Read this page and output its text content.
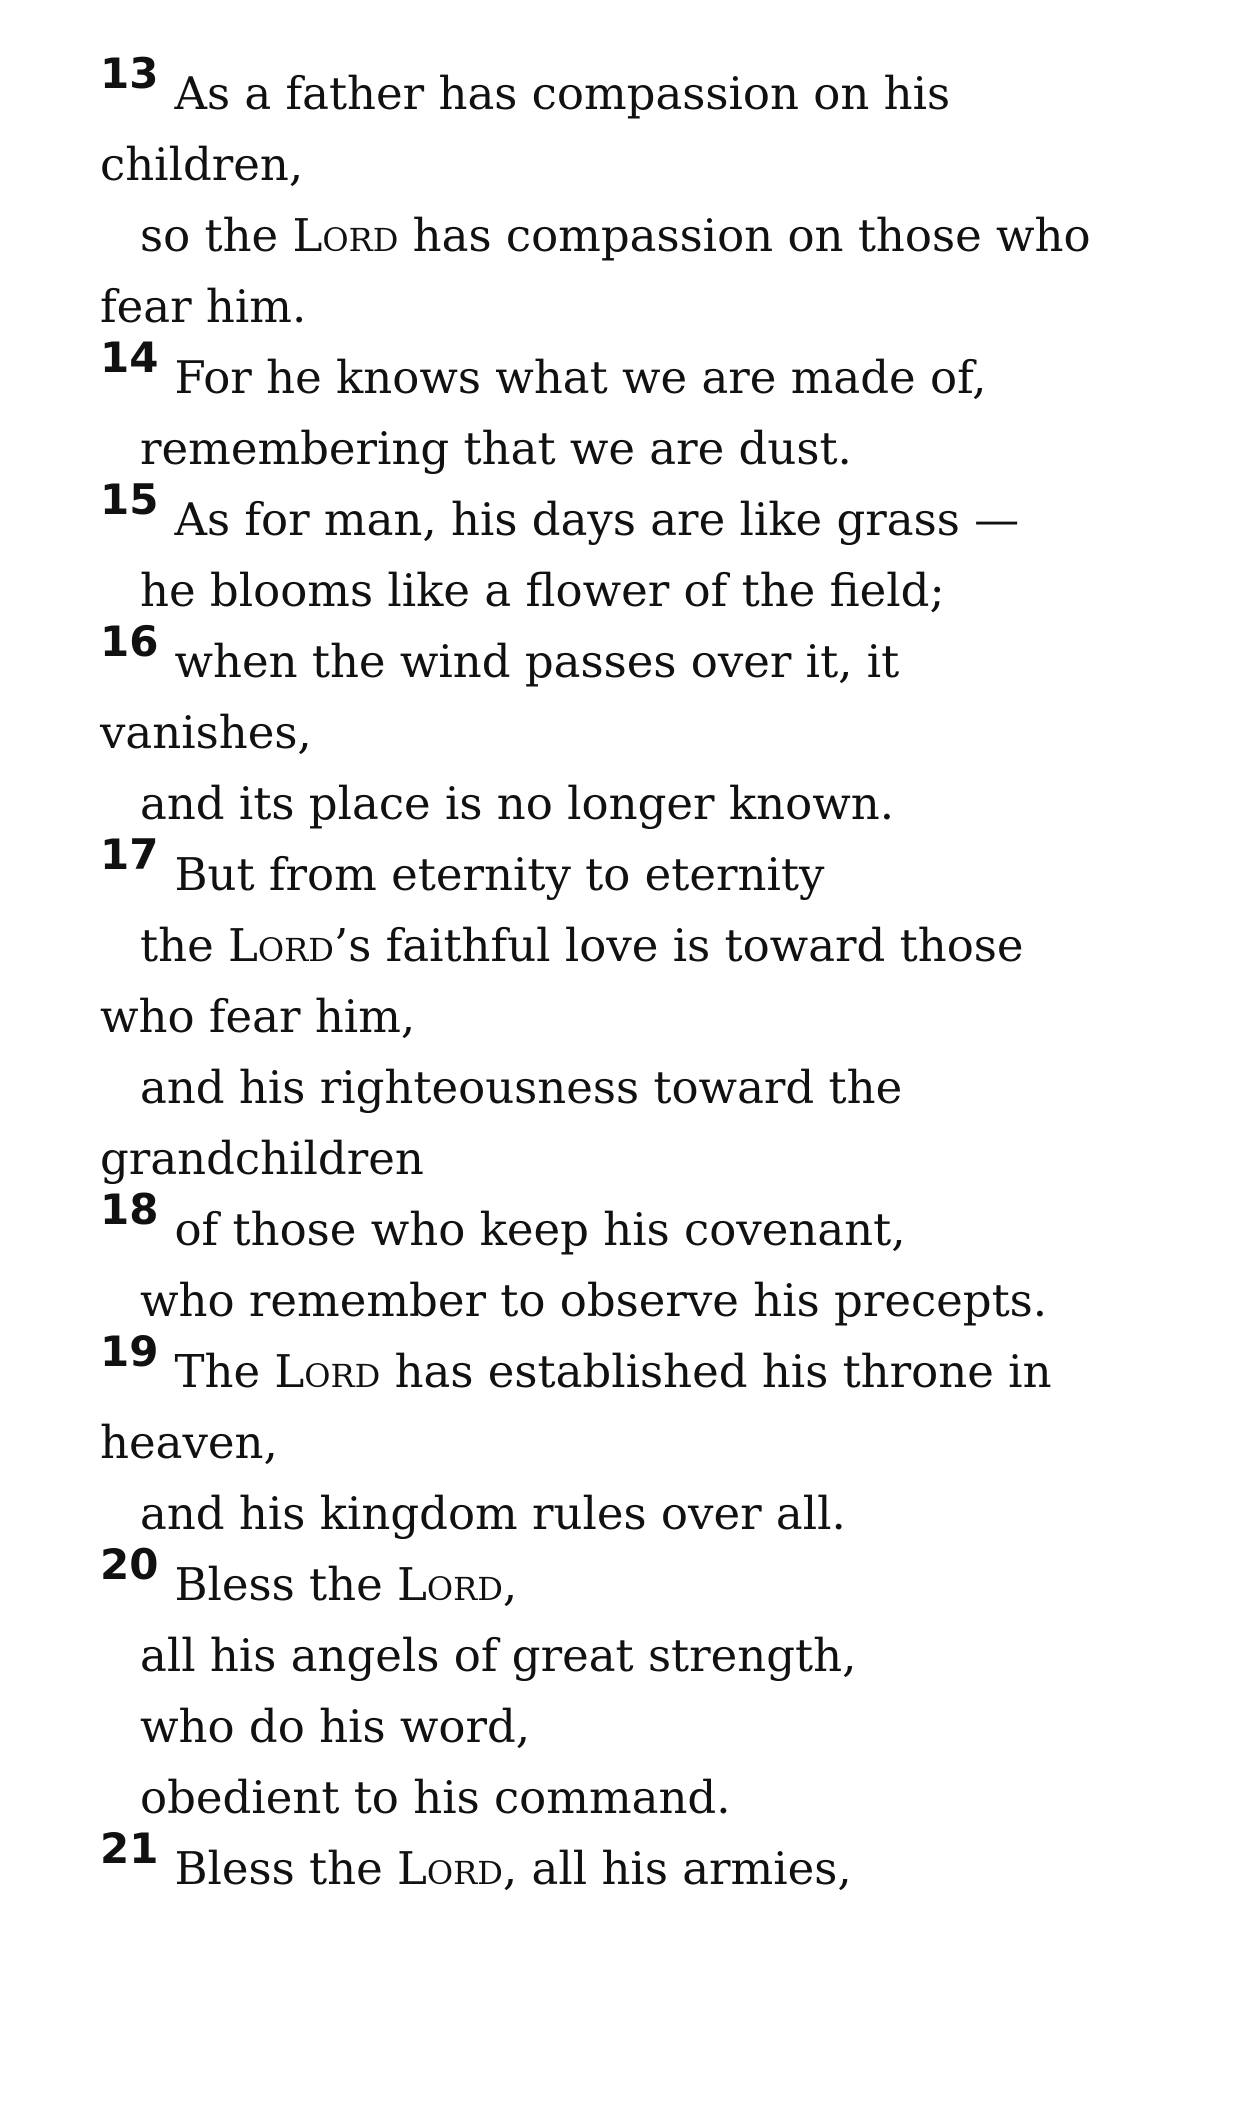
13 As a father has compassion on his
children,
so the Lord has compassion on those who
fear him.
14 For he knows what we are made of,
remembering that we are dust.
15 As for man, his days are like grass —
he blooms like a flower of the field;
16 when the wind passes over it, it
vanishes,
and its place is no longer known.
17 But from eternity to eternity
the Lord’s faithful love is toward those
who fear him,
and his righteousness toward the
grandchildren
18 of those who keep his covenant,
who remember to observe his precepts.
19 The Lord has established his throne in
heaven,
and his kingdom rules over all.
20 Bless the Lord,
all his angels of great strength,
who do his word,
obedient to his command.
21 Bless the Lord, all his armies,
